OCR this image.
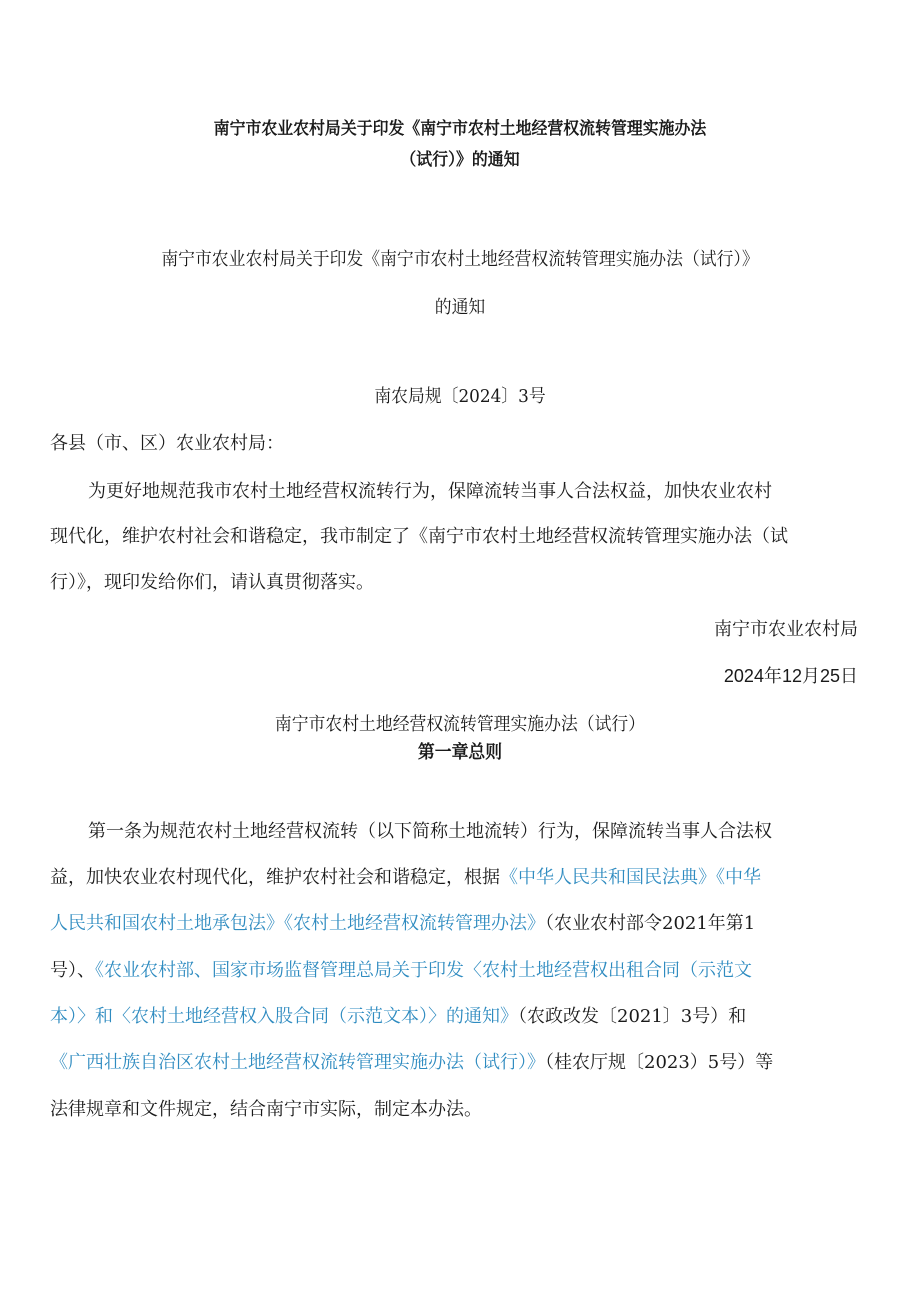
南宁市农业农村局关于印发《南宁市农村土地经营权流转管理实施办法
（试行）》的通知
南宁市农业农村局关于印发《南宁市农村土地经营权流转管理实施办法（试行）》
的通知
南农局规〔2024〕3号
各县（市、区）农业农村局：
为更好地规范我市农村土地经营权流转行为，保障流转当事人合法权益，加快农业农村
现代化，维护农村社会和谐稳定，我市制定了《南宁市农村土地经营权流转管理实施办法（试
行）》，现印发给你们，请认真贯彻落实。
南宁市农业农村局
2024年12月25日
南宁市农村土地经营权流转管理实施办法（试行）
第一章总则
第一条为规范农村土地经营权流转（以下简称土地流转）行为，保障流转当事人合法权
益，加快农业农村现代化，维护农村社会和谐稳定，根据《中华人民共和国民法典》《中华
人民共和国农村土地承包法》《农村土地经营权流转管理办法》（农业农村部令2021年第1
号）、《农业农村部、国家市场监督管理总局关于印发〈农村土地经营权出租合同（示范文
本）〉和〈农村土地经营权入股合同（示范文本）〉的通知》（农政改发〔2021〕3号）和
《广西壮族自治区农村土地经营权流转管理实施办法（试行）》（桂农厅规〔2023）5号）等
法律规章和文件规定，结合南宁市实际，制定本办法。
